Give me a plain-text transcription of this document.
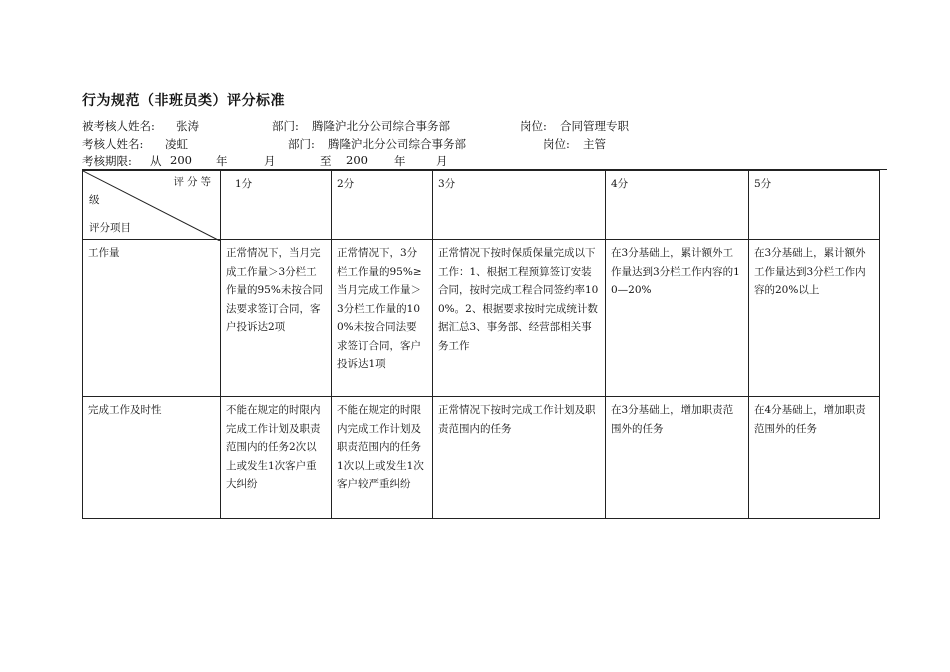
行为规范（非班员类）评分标准
被考核人姓名: 张涛	部门: 腾隆沪北分公司综合事务部	岗位: 合同管理专职
考核人姓名: 凌虹	部门: 腾隆沪北分公司综合事务部	岗位: 主管
考核期限: 从 200 年	月	至 200 年	月
评分等
级
评分项目	1分	2分	3分	4分	5分
工作量	正常情况下，当月完成工作量＞3分栏工作量的95%未按合同法要求签订合同，客户投诉达2项	正常情况下，3分栏工作量的95%≥当月完成工作量＞3分栏工作量的100%未按合同法要求签订合同，客户投诉达1项	正常情况下按时保质保量完成以下工作：1、根据工程预算签订安装合同，按时完成工程合同签约率100%。2、根据要求按时完成统计数据汇总3、事务部、经营部相关事务工作	在3分基础上，累计额外工作量达到3分栏工作内容的10—20%	在3分基础上，累计额外工作量达到3分栏工作内容的20%以上
完成工作及时性	不能在规定的时限内完成工作计划及职责范围内的任务2次以上或发生1次客户重大纠纷	不能在规定的时限内完成工作计划及职责范围内的任务1次以上或发生1次客户较严重纠纷	正常情况下按时完成工作计划及职责范围内的任务	在3分基础上，增加职责范围外的任务	在4分基础上，增加职责范围外的任务
